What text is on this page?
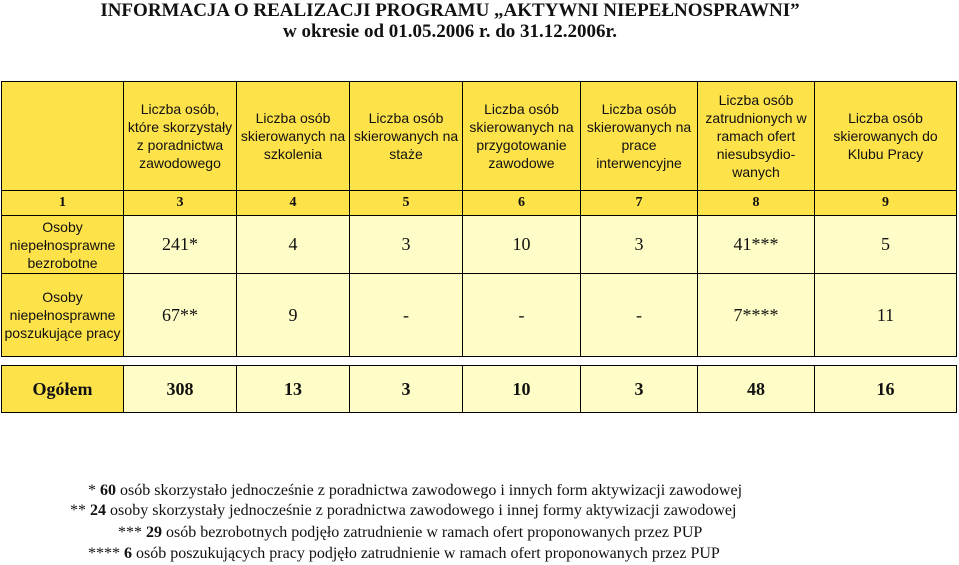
INFORMACJA O REALIZACJI PROGRAMU „AKTYWNI NIEPEŁNOSPRAWNI”
w okresie od 01.05.2006 r. do 31.12.2006r.
	Liczba osób, które skorzystały z poradnictwa zawodowego	Liczba osób skierowanych na szkolenia	Liczba osób skierowanych na staże	Liczba osób skierowanych na przygotowanie zawodowe	Liczba osób skierowanych na prace interwencyjne	Liczba osób zatrudnionych w ramach ofert niesubsydio-wanych	Liczba osób skierowanych do Klubu Pracy
1	3	4	5	6	7	8	9
Osoby niepełnosprawne bezrobotne	241*	4	3	10	3	41***	5
Osoby niepełnosprawne poszukujące pracy	67**	9	-	-	-	7****	11

Ogółem	308	13	3	10	3	48	16
* 60 osób skorzystało jednocześnie z poradnictwa zawodowego i innych form aktywizacji zawodowej
** 24 osoby skorzystały jednocześnie z poradnictwa zawodowego i innej formy aktywizacji zawodowej
*** 29 osób bezrobotnych podjęło zatrudnienie w ramach ofert proponowanych przez PUP
**** 6 osób poszukujących pracy podjęło zatrudnienie w ramach ofert proponowanych przez PUP
